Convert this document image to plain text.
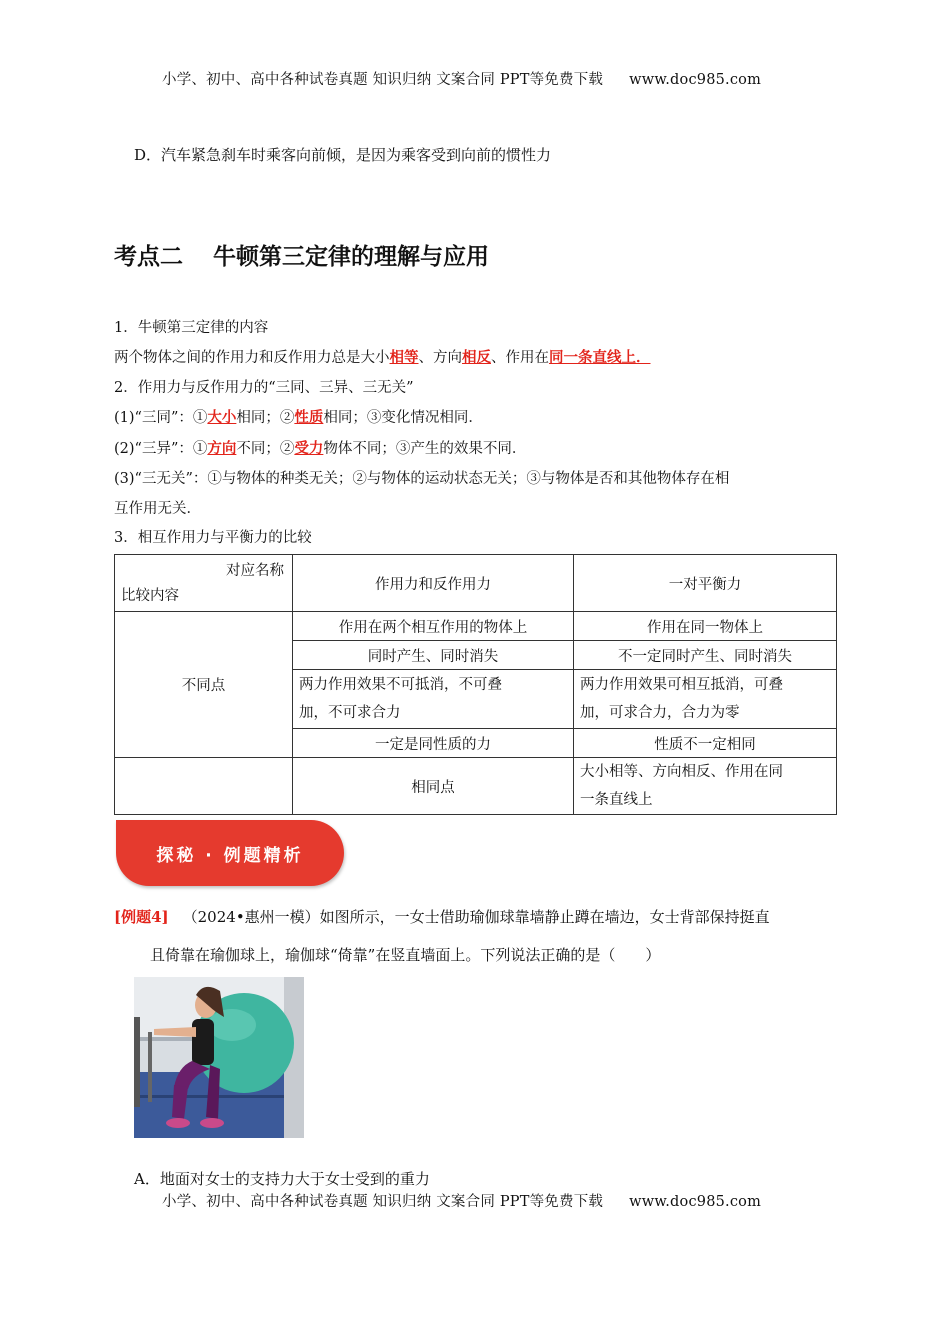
小学、初中、高中各种试卷真题 知识归纳 文案合同 PPT等免费下载 www.doc985.com
D．汽车紧急刹车时乘客向前倾，是因为乘客受到向前的惯性力
考点二 牛顿第三定律的理解与应用
1．牛顿第三定律的内容
两个物体之间的作用力和反作用力总是大小相等、方向相反、作用在同一条直线上．
2．作用力与反作用力的“三同、三异、三无关”
(1)“三同”：①大小相同；②性质相同；③变化情况相同．
(2)“三异”：①方向不同；②受力物体不同；③产生的效果不同．
(3)“三无关”：①与物体的种类无关；②与物体的运动状态无关；③与物体是否和其他物体存在相
互作用无关．
3．相互作用力与平衡力的比较
对应名称
比较内容	作用力和反作用力	一对平衡力
不同点	作用在两个相互作用的物体上	作用在同一物体上
	同时产生、同时消失	不一定同时产生、同时消失
	两力作用效果不可抵消，不可叠
加，不可求合力	两力作用效果可相互抵消，可叠
加，可求合力，合力为零
	一定是同性质的力	性质不一定相同
	相同点	大小相等、方向相反、作用在同
一条直线上
探秘 · 例题精析
[例题4] （2024•惠州一模）如图所示，一女士借助瑜伽球靠墙静止蹲在墙边，女士背部保持挺直
且倚靠在瑜伽球上，瑜伽球“倚靠”在竖直墙面上。下列说法正确的是（　　）
A．地面对女士的支持力大于女士受到的重力
小学、初中、高中各种试卷真题 知识归纳 文案合同 PPT等免费下载 www.doc985.com
